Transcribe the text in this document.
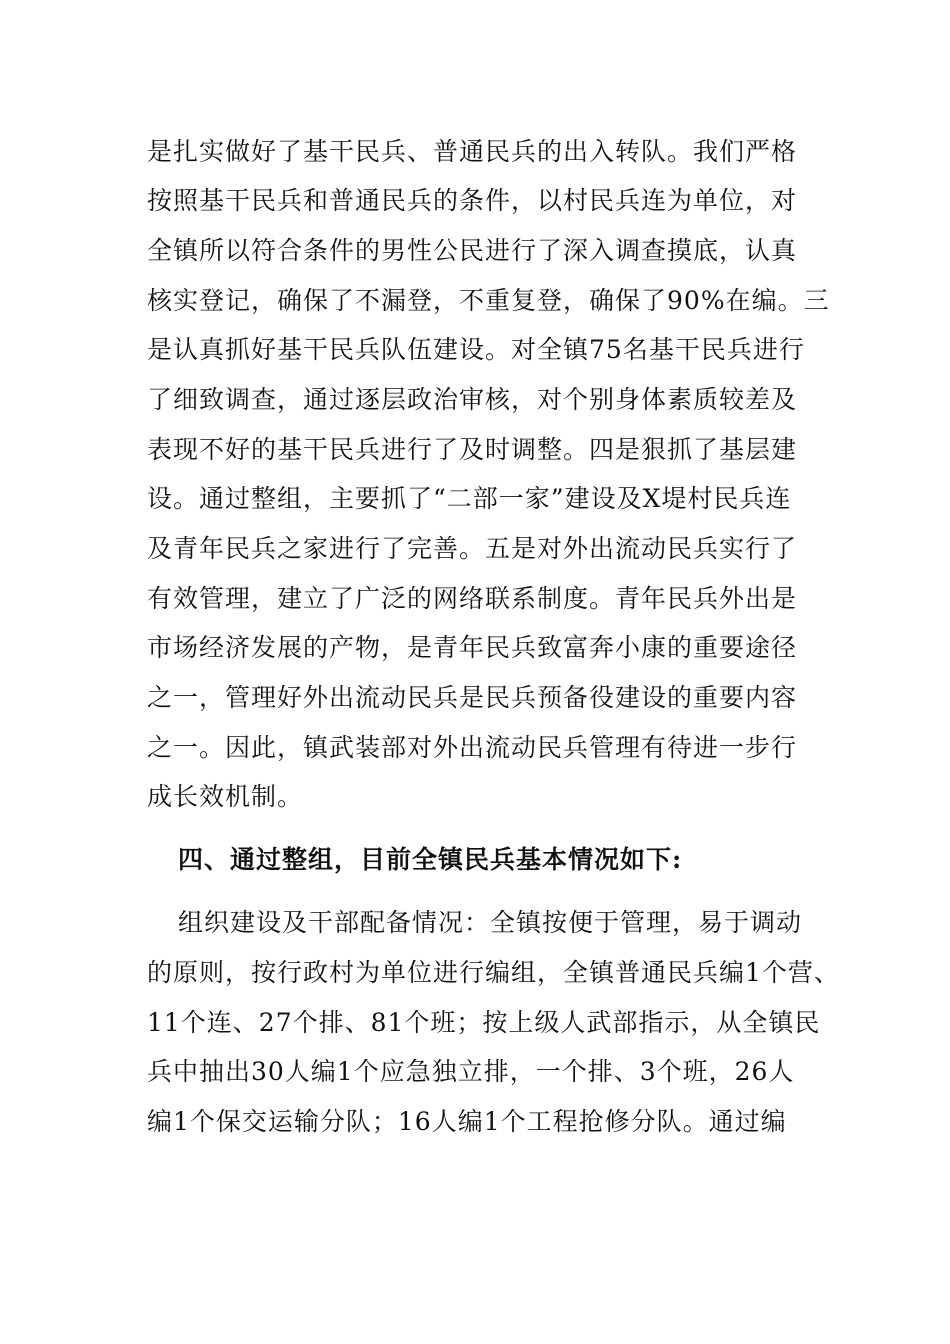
是扎实做好了基干民兵、普通民兵的出入转队。我们严格
按照基干民兵和普通民兵的条件，以村民兵连为单位，对
全镇所以符合条件的男性公民进行了深入调查摸底，认真
核实登记，确保了不漏登，不重复登，确保了90%在编。三
是认真抓好基干民兵队伍建设。对全镇75名基干民兵进行
了细致调查，通过逐层政治审核，对个别身体素质较差及
表现不好的基干民兵进行了及时调整。四是狠抓了基层建
设。通过整组，主要抓了“二部一家”建设及X堤村民兵连
及青年民兵之家进行了完善。五是对外出流动民兵实行了
有效管理，建立了广泛的网络联系制度。青年民兵外出是
市场经济发展的产物，是青年民兵致富奔小康的重要途径
之一，管理好外出流动民兵是民兵预备役建设的重要内容
之一。因此，镇武装部对外出流动民兵管理有待进一步行
成长效机制。
四、通过整组，目前全镇民兵基本情况如下:
组织建设及干部配备情况：全镇按便于管理，易于调动
的原则，按行政村为单位进行编组，全镇普通民兵编1个营、
11个连、27个排、81个班；按上级人武部指示，从全镇民
兵中抽出30人编1个应急独立排，一个排、3个班，26人
编1个保交运输分队；16人编1个工程抢修分队。通过编
